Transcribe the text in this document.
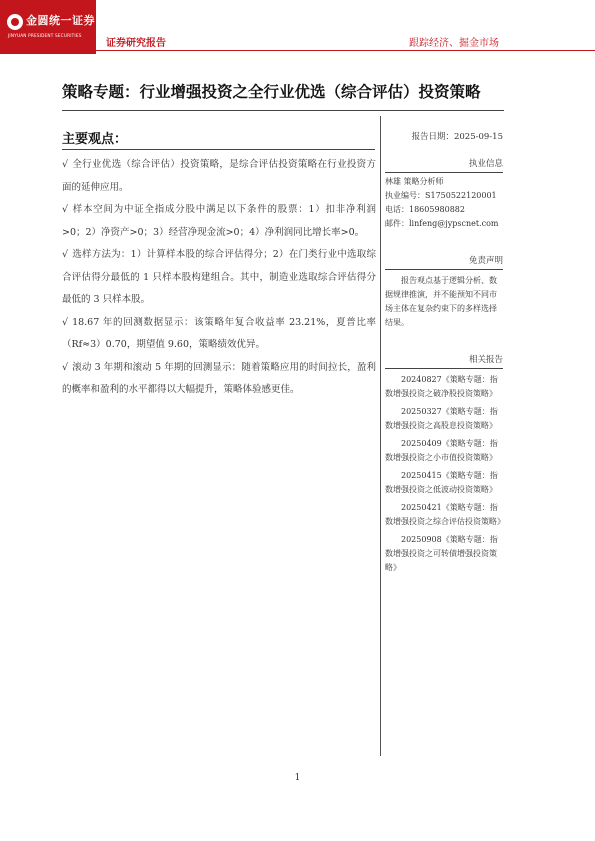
金圆统一证券
JINYUAN PRESIDENT SECURITIES
证券研究报告	跟踪经济、掘金市场
策略专题：行业增强投资之全行业优选（综合评估）投资策略
主要观点：

√ 全行业优选（综合评估）投资策略，是综合评估投资策略在行业投资方面的延伸应用。

√ 样本空间为中证全指成分股中满足以下条件的股票：1）扣非净利润>0；2）净资产>0；3）经营净现金流>0；4）净利润同比增长率>0。

√ 选样方法为：1）计算样本股的综合评估得分；2）在门类行业中选取综合评估得分最低的 1 只样本股构建组合。其中，制造业选取综合评估得分最低的 3 只样本股。

√ 18.67 年的回测数据显示：该策略年复合收益率 23.21%，夏普比率（Rf≈3）0.70，期望值 9.60，策略绩效优异。

√ 滚动 3 年期和滚动 5 年期的回测显示：随着策略应用的时间拉长，盈利的概率和盈利的水平都得以大幅提升，策略体验感更佳。

报告日期：2025-09-15
执业信息
林雄 策略分析师
执业编号：S1750522120001
电话：18605980882
邮件：linfeng@jypscnet.com
免责声明
报告观点基于逻辑分析、数据规律推演，并不能预知不同市场主体在复杂约束下的多样选择结果。
相关报告
20240827《策略专题：指数增强投资之破净股投资策略》
20250327《策略专题：指数增强投资之高股息投资策略》
20250409《策略专题：指数增强投资之小市值投资策略》
20250415《策略专题：指数增强投资之低波动投资策略》
20250421《策略专题：指数增强投资之综合评估投资策略》
20250908《策略专题：指数增强投资之可转债增强投资策略》
1
